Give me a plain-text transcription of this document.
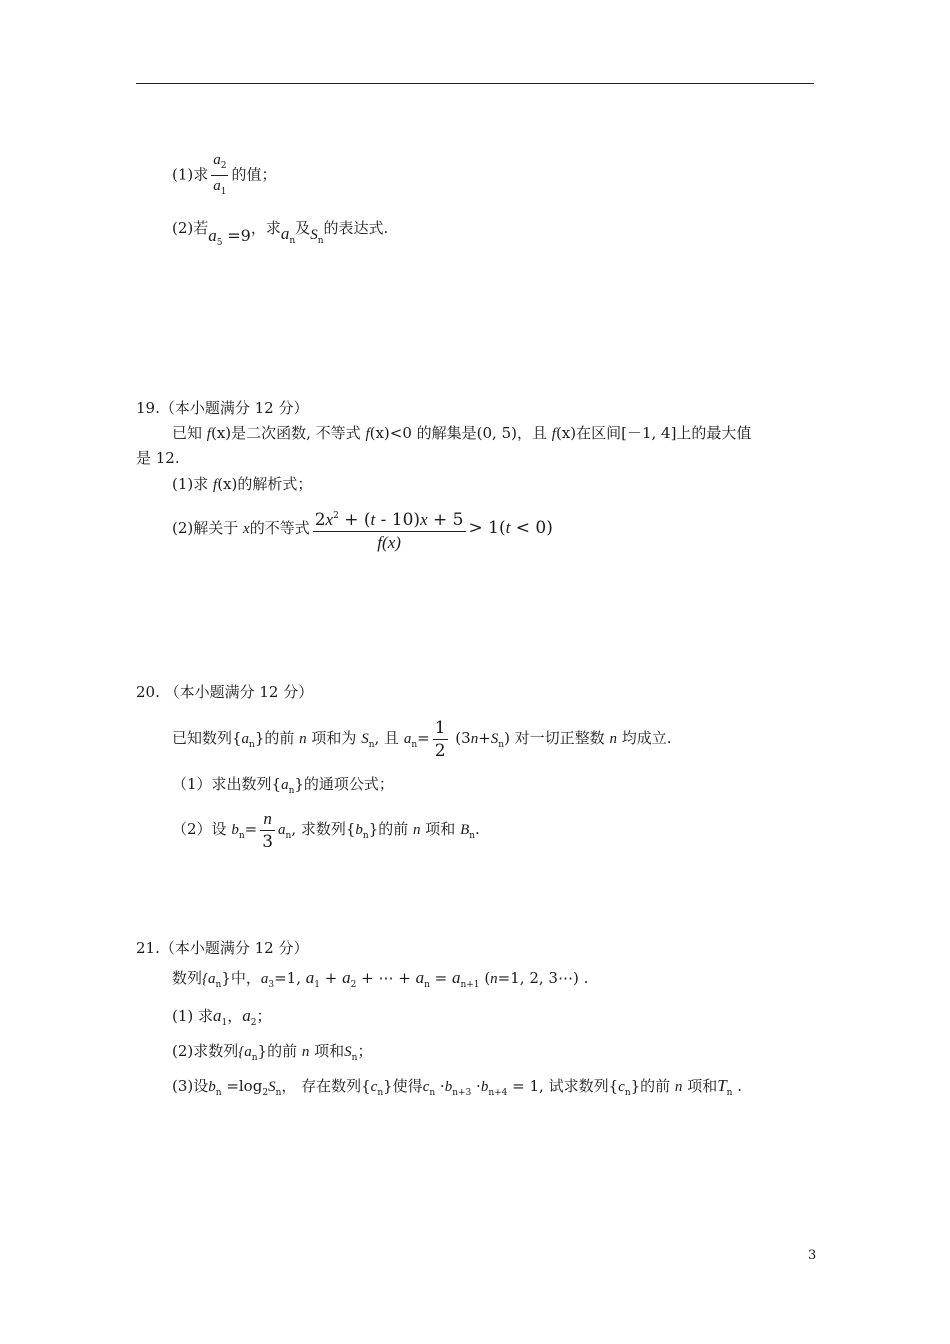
(1)求 $\frac{a_2}{a_1}$ 的值；
(2)若$a_5 =9$，求$a_n$及$S_n$的表达式.
19.（本小题满分 12 分）
已知 f(x)是二次函数, 不等式 f(x)<0 的解集是(0, 5)，且 f(x)在区间[－1, 4]上的最大值
是 12.
(1)求 f(x)的解析式；
(2)解关于 x的不等式 $\frac{2x^2 + (t - 10)x + 5}{f(x)} > 1(t < 0)$
20. （本小题满分 12 分）
已知数列$\{a_n\}$的前 n 项和为 $S_n$, 且 $a_n= \frac{1}{2} (3n+S_n)$ 对一切正整数 n 均成立.
（1）求出数列$\{a_n\}$的通项公式；
（2）设 $b_n= \frac{n}{3} a_n$, 求数列$\{b_n\}$的前 n 项和 $B_n$.
21.（本小题满分 12 分）
数列$\{a_n\}$中，$a_3=1$, $a_1 + a_2$ + ⋯ + $a_n = a_{n+1}$ (n=1, 2, 3⋯) .
(1) 求$a_1$，$a_2$；
(2)求数列$\{a_n\}$的前 n 项和$S_n$；
(3)设$b_n =\log_2S_n$， 存在数列$\{c_n\}$使得$c_n \cdot b_{n+3} \cdot b_{n+4} = 1$, 试求数列$\{c_n\}$的前 n 项和$T_n$ .
3
